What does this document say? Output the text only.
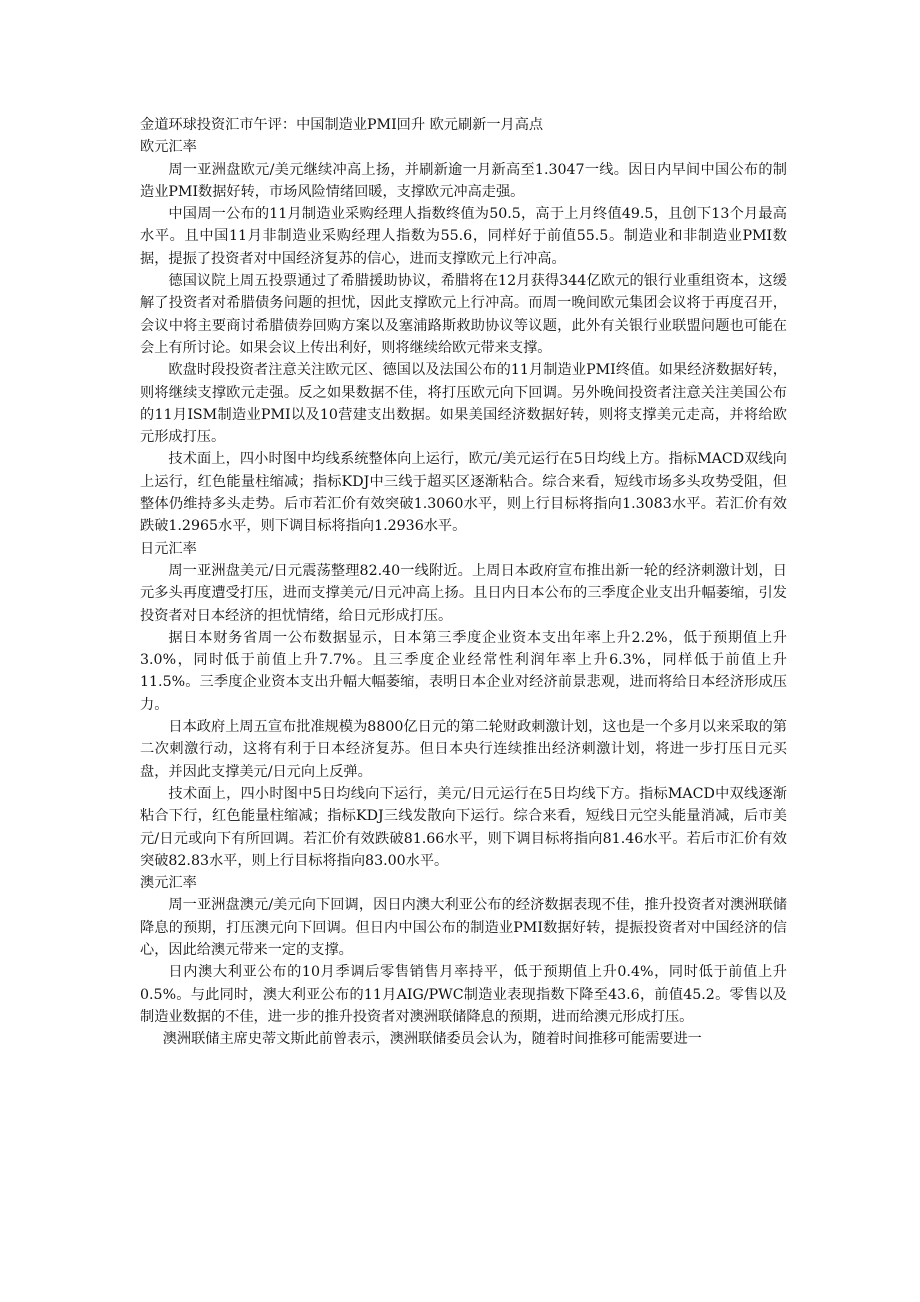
金道环球投资汇市午评：中国制造业PMI回升 欧元刷新一月高点

欧元汇率

周一亚洲盘欧元/美元继续冲高上扬，并刷新逾一月新高至1.3047一线。因日内早间中国公布的制造业PMI数据好转，市场风险情绪回暖，支撑欧元冲高走强。

中国周一公布的11月制造业采购经理人指数终值为50.5，高于上月终值49.5，且创下13个月最高水平。且中国11月非制造业采购经理人指数为55.6，同样好于前值55.5。制造业和非制造业PMI数据，提振了投资者对中国经济复苏的信心，进而支撑欧元上行冲高。

德国议院上周五投票通过了希腊援助协议，希腊将在12月获得344亿欧元的银行业重组资本，这缓解了投资者对希腊债务问题的担忧，因此支撑欧元上行冲高。而周一晚间欧元集团会议将于再度召开，会议中将主要商讨希腊债券回购方案以及塞浦路斯救助协议等议题，此外有关银行业联盟问题也可能在会上有所讨论。如果会议上传出利好，则将继续给欧元带来支撑。

欧盘时段投资者注意关注欧元区、德国以及法国公布的11月制造业PMI终值。如果经济数据好转，则将继续支撑欧元走强。反之如果数据不佳，将打压欧元向下回调。另外晚间投资者注意关注美国公布的11月ISM制造业PMI以及10营建支出数据。如果美国经济数据好转，则将支撑美元走高，并将给欧元形成打压。

技术面上，四小时图中均线系统整体向上运行，欧元/美元运行在5日均线上方。指标MACD双线向上运行，红色能量柱缩减；指标KDJ中三线于超买区逐渐粘合。综合来看，短线市场多头攻势受阻，但整体仍维持多头走势。后市若汇价有效突破1.3060水平，则上行目标将指向1.3083水平。若汇价有效跌破1.2965水平，则下调目标将指向1.2936水平。

日元汇率

周一亚洲盘美元/日元震荡整理82.40一线附近。上周日本政府宣布推出新一轮的经济刺激计划，日元多头再度遭受打压，进而支撑美元/日元冲高上扬。且日内日本公布的三季度企业支出升幅萎缩，引发投资者对日本经济的担忧情绪，给日元形成打压。

据日本财务省周一公布数据显示，日本第三季度企业资本支出年率上升2.2%，低于预期值上升3.0%，同时低于前值上升7.7%。且三季度企业经常性利润年率上升6.3%，同样低于前值上升11.5%。三季度企业资本支出升幅大幅萎缩，表明日本企业对经济前景悲观，进而将给日本经济形成压力。

日本政府上周五宣布批准规模为8800亿日元的第二轮财政刺激计划，这也是一个多月以来采取的第二次刺激行动，这将有利于日本经济复苏。但日本央行连续推出经济刺激计划，将进一步打压日元买盘，并因此支撑美元/日元向上反弹。

技术面上，四小时图中5日均线向下运行，美元/日元运行在5日均线下方。指标MACD中双线逐渐粘合下行，红色能量柱缩减；指标KDJ三线发散向下运行。综合来看，短线日元空头能量消减，后市美元/日元或向下有所回调。若汇价有效跌破81.66水平，则下调目标将指向81.46水平。若后市汇价有效突破82.83水平，则上行目标将指向83.00水平。

澳元汇率

周一亚洲盘澳元/美元向下回调，因日内澳大利亚公布的经济数据表现不佳，推升投资者对澳洲联储降息的预期，打压澳元向下回调。但日内中国公布的制造业PMI数据好转，提振投资者对中国经济的信心，因此给澳元带来一定的支撑。

日内澳大利亚公布的10月季调后零售销售月率持平，低于预期值上升0.4%，同时低于前值上升0.5%。与此同时，澳大利亚公布的11月AIG/PWC制造业表现指数下降至43.6，前值45.2。零售以及制造业数据的不佳，进一步的推升投资者对澳洲联储降息的预期，进而给澳元形成打压。

澳洲联储主席史蒂文斯此前曾表示，澳洲联储委员会认为，随着时间推移可能需要进一
